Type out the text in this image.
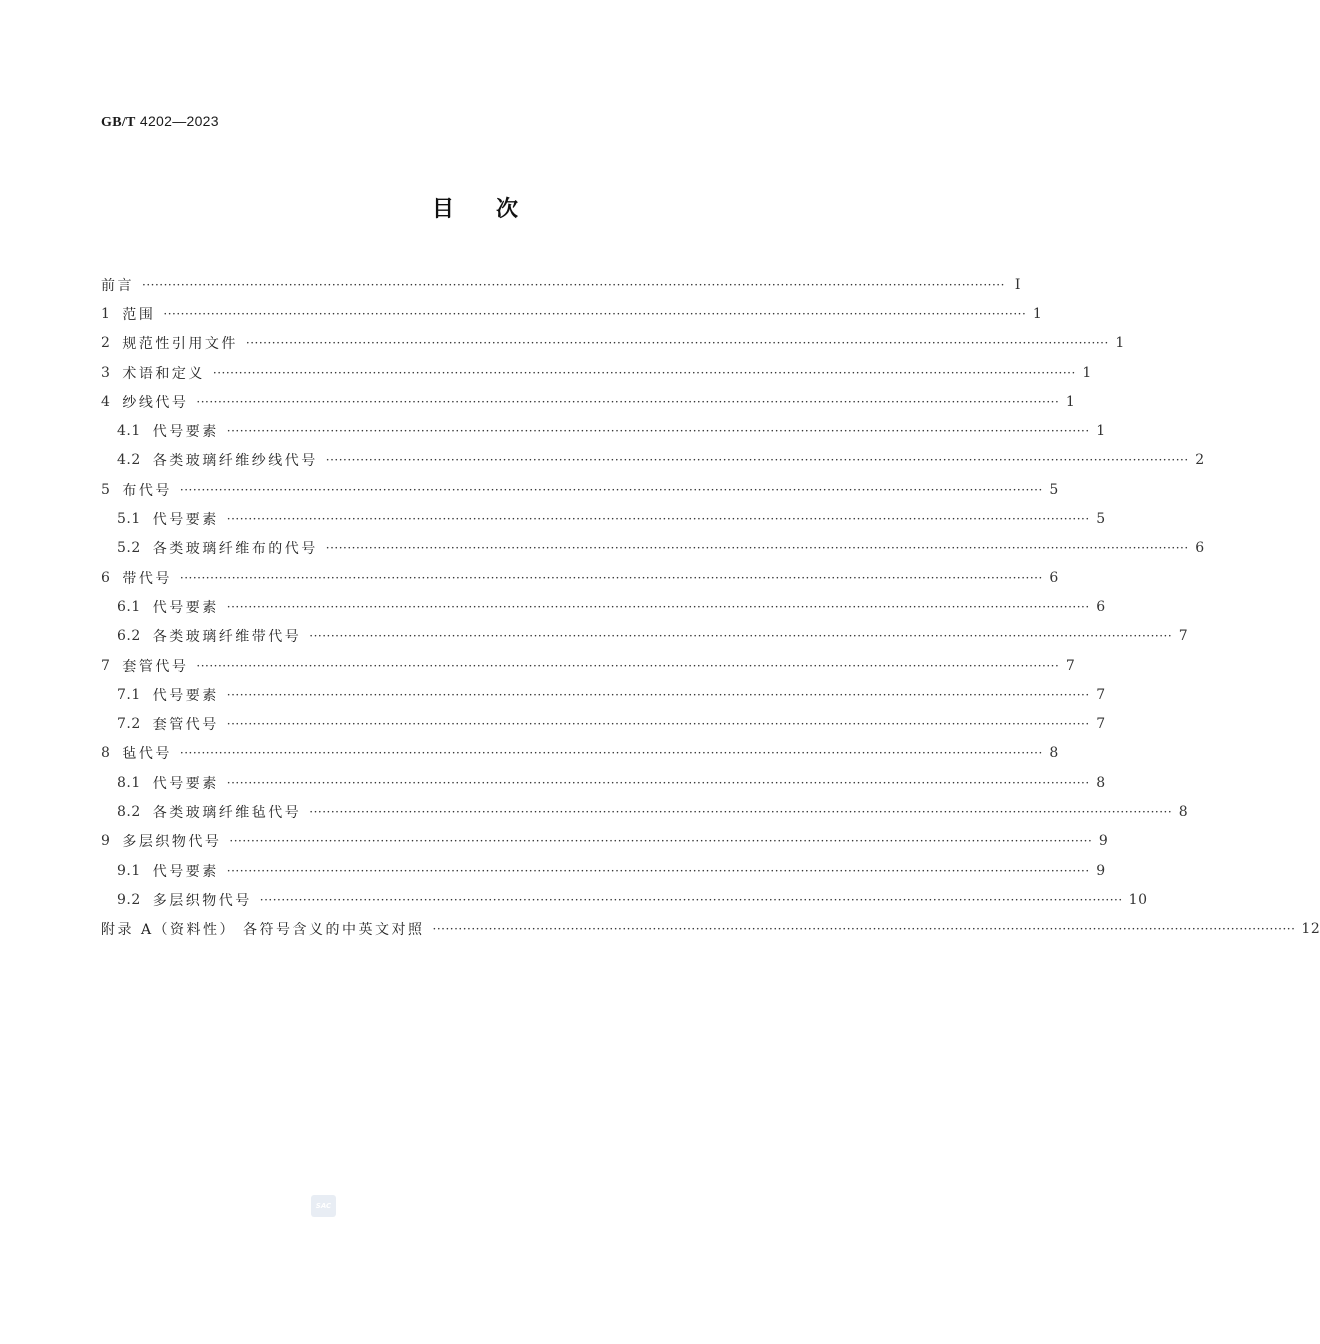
GB/T 4202—2023
目次
前言 ········································································································································································································ Ⅰ
1 范围 ········································································································································································································ 1
2 规范性引用文件 ········································································································································································································ 1
3 术语和定义 ········································································································································································································ 1
4 纱线代号 ········································································································································································································ 1
4.1 代号要素 ········································································································································································································ 1
4.2 各类玻璃纤维纱线代号 ········································································································································································································ 2
5 布代号 ········································································································································································································ 5
5.1 代号要素 ········································································································································································································ 5
5.2 各类玻璃纤维布的代号 ········································································································································································································ 6
6 带代号 ········································································································································································································ 6
6.1 代号要素 ········································································································································································································ 6
6.2 各类玻璃纤维带代号 ········································································································································································································ 7
7 套管代号 ········································································································································································································ 7
7.1 代号要素 ········································································································································································································ 7
7.2 套管代号 ········································································································································································································ 7
8 毡代号 ········································································································································································································ 8
8.1 代号要素 ········································································································································································································ 8
8.2 各类玻璃纤维毡代号 ········································································································································································································ 8
9 多层织物代号 ········································································································································································································ 9
9.1 代号要素 ········································································································································································································ 9
9.2 多层织物代号 ········································································································································································································ 10
附录 A（资料性） 各符号含义的中英文对照 ········································································································································································································ 12
SAC
